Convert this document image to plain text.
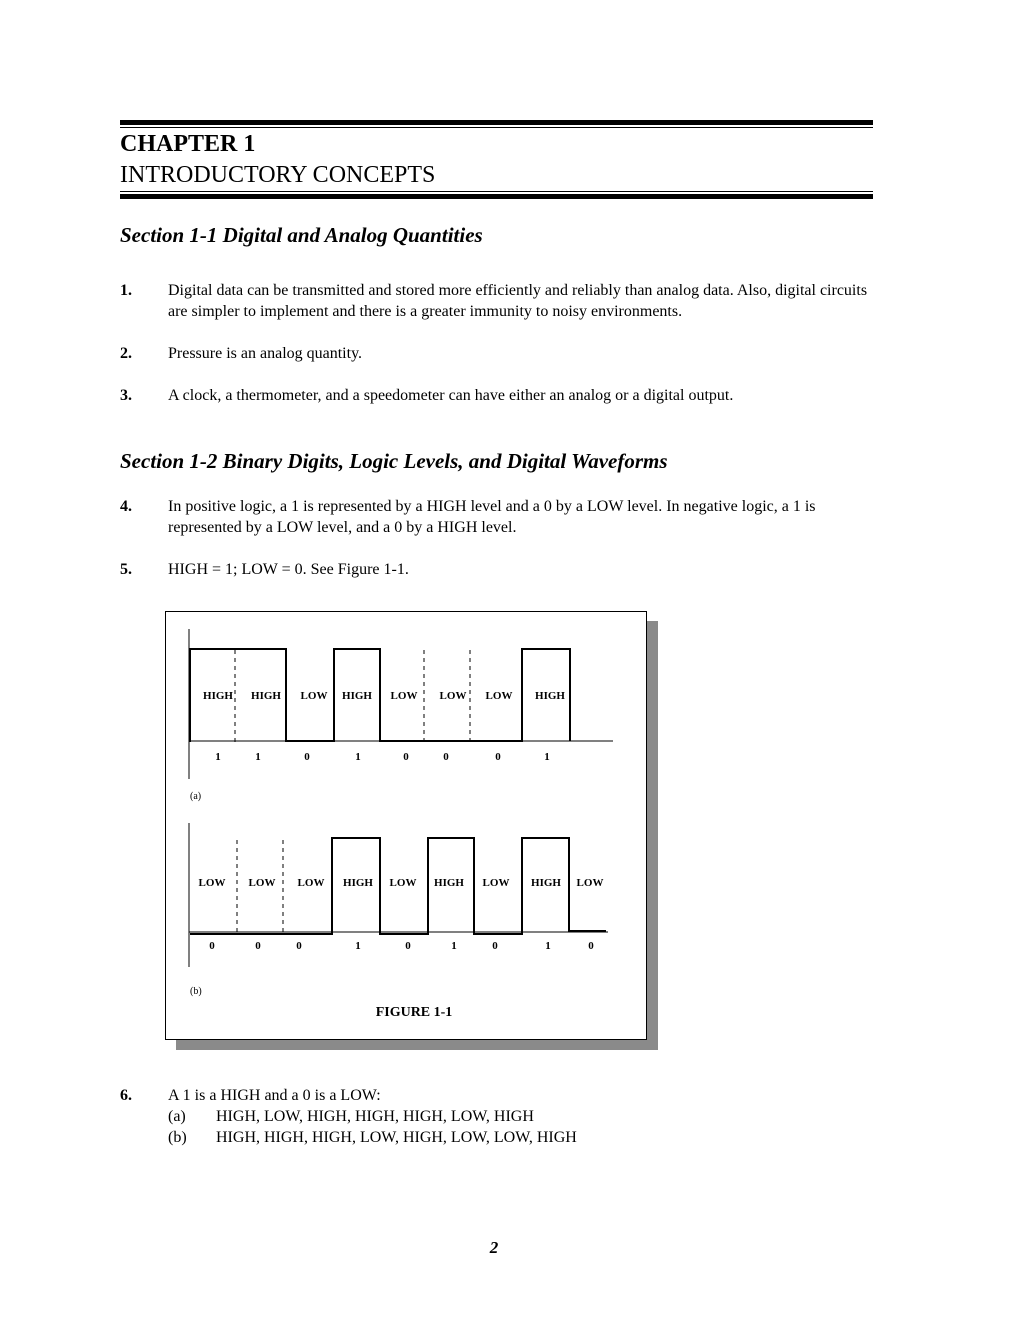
CHAPTER 1
INTRODUCTORY CONCEPTS
Section 1-1 Digital and Analog Quantities
1. Digital data can be transmitted and stored more efficiently and reliably than analog data. Also, digital circuits are simpler to implement and there is a greater immunity to noisy environments.
2. Pressure is an analog quantity.
3. A clock, a thermometer, and a speedometer can have either an analog or a digital output.
Section 1-2 Binary Digits, Logic Levels, and Digital Waveforms
4. In positive logic, a 1 is represented by a HIGH level and a 0 by a LOW level. In negative logic, a 1 is represented by a LOW level, and a 0 by a HIGH level.
5. HIGH = 1; LOW = 0. See Figure 1-1.
HIGH HIGH LOW HIGH LOW LOW LOW HIGH
1	1	0	1	0	0	0	1
(a)
LOW LOW LOW HIGH LOW HIGH LOW HIGH LOW
0	0	0	1	0	1	0	1	0
(b)
FIGURE 1-1
6. A 1 is a HIGH and a 0 is a LOW:
(a) HIGH, LOW, HIGH, HIGH, HIGH, LOW, HIGH
(b) HIGH, HIGH, HIGH, LOW, HIGH, LOW, LOW, HIGH
2
